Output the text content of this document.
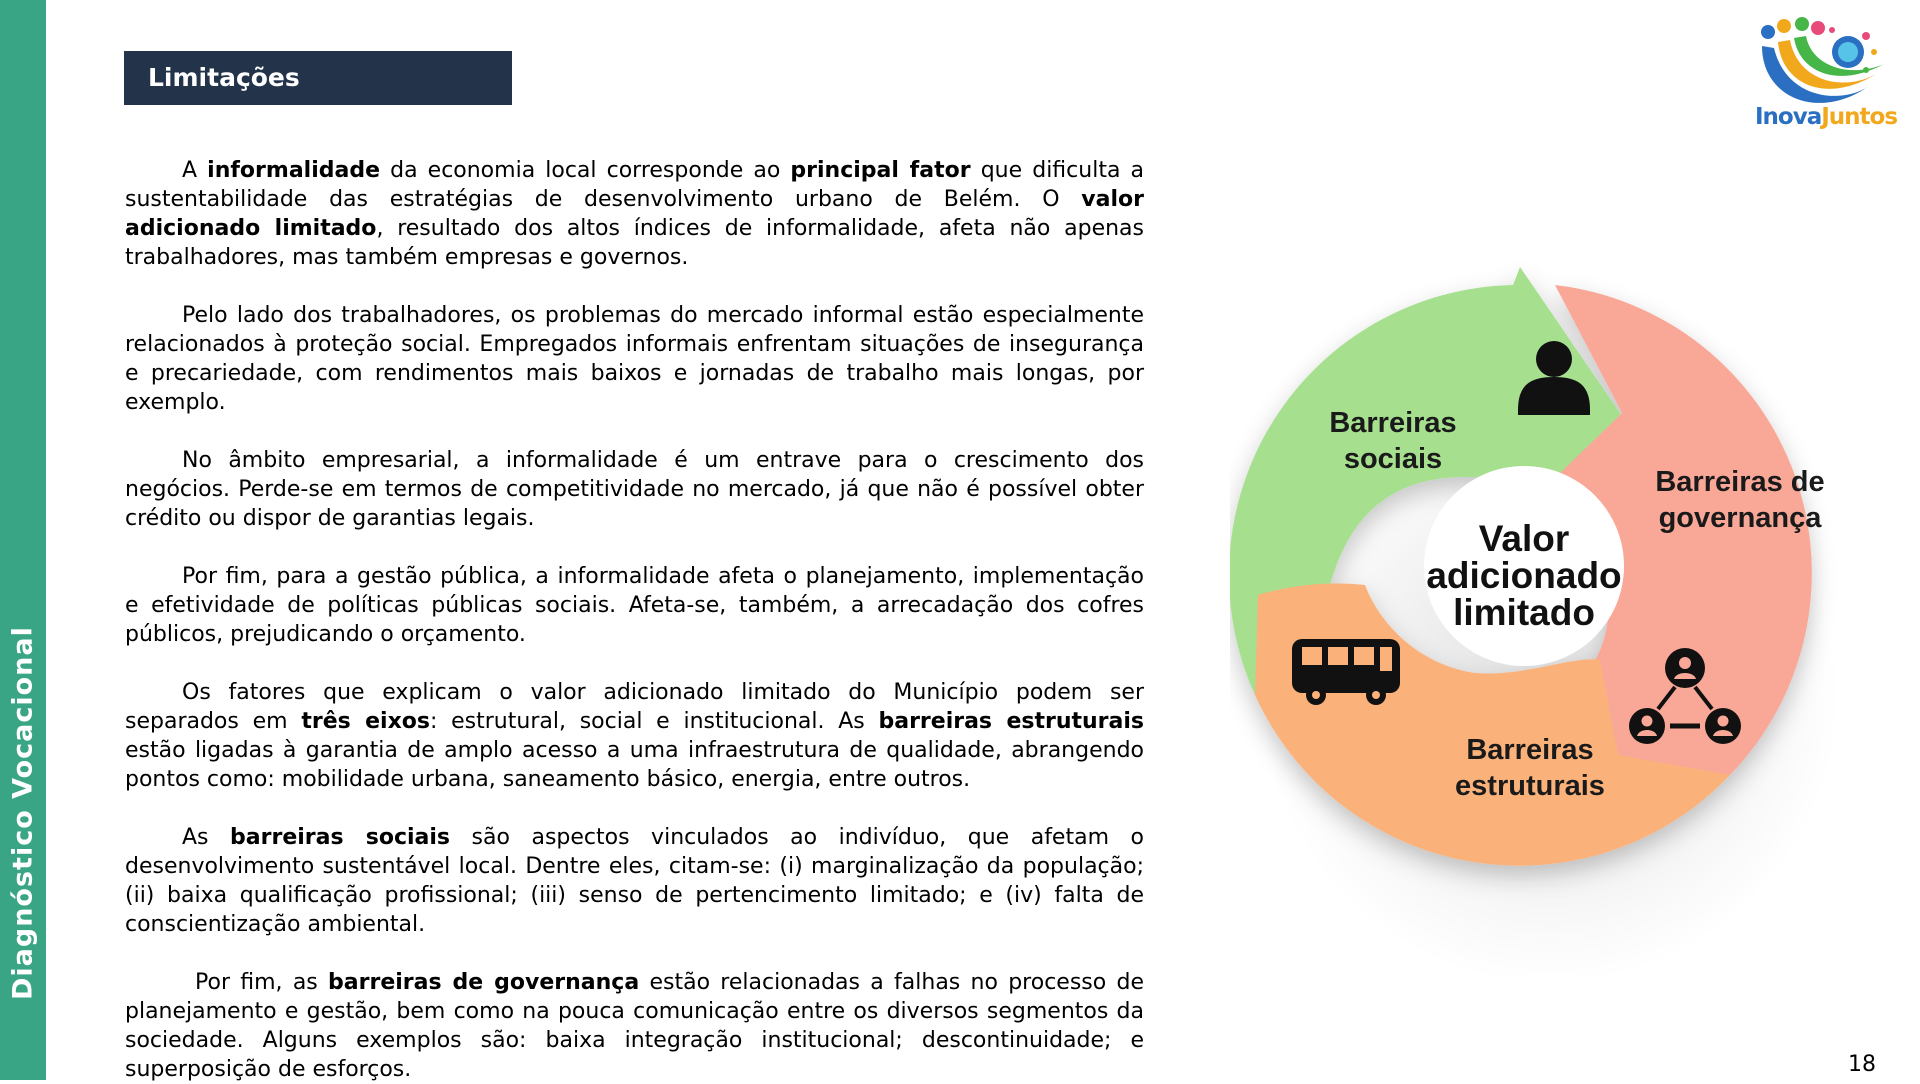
Diagnóstico Vocacional
Limitações

A informalidade da economia local corresponde ao principal fator que dificulta a sustentabilidade das estratégias de desenvolvimento urbano de Belém. O valor adicionado limitado, resultado dos altos índices de informalidade, afeta não apenas trabalhadores, mas também empresas e governos.

Pelo lado dos trabalhadores, os problemas do mercado informal estão especialmente relacionados à proteção social. Empregados informais enfrentam situações de insegurança e precariedade, com rendimentos mais baixos e jornadas de trabalho mais longas, por exemplo.

No âmbito empresarial, a informalidade é um entrave para o crescimento dos negócios. Perde-se em termos de competitividade no mercado, já que não é possível obter crédito ou dispor de garantias legais.

Por fim, para a gestão pública, a informalidade afeta o planejamento, implementação e efetividade de políticas públicas sociais. Afeta-se, também, a arrecadação dos cofres públicos, prejudicando o orçamento.

Os fatores que explicam o valor adicionado limitado do Município podem ser separados em três eixos: estrutural, social e institucional. As barreiras estruturais estão ligadas à garantia de amplo acesso a uma infraestrutura de qualidade, abrangendo pontos como: mobilidade urbana, saneamento básico, energia, entre outros.

As barreiras sociais são aspectos vinculados ao indivíduo, que afetam o desenvolvimento sustentável local. Dentre eles, citam-se: (i) marginalização da população; (ii) baixa qualificação profissional; (iii) senso de pertencimento limitado; e (iv) falta de conscientização ambiental.

Por fim, as barreiras de governança estão relacionadas a falhas no processo de planejamento e gestão, bem como na pouca comunicação entre os diversos segmentos da sociedade. Alguns exemplos são: baixa integração institucional; descontinuidade; e superposição de esforços.

InovaJuntos
Valor
adicionado
limitado
Barreiras
sociais
Barreiras de
governança
Barreiras
estruturais
18
